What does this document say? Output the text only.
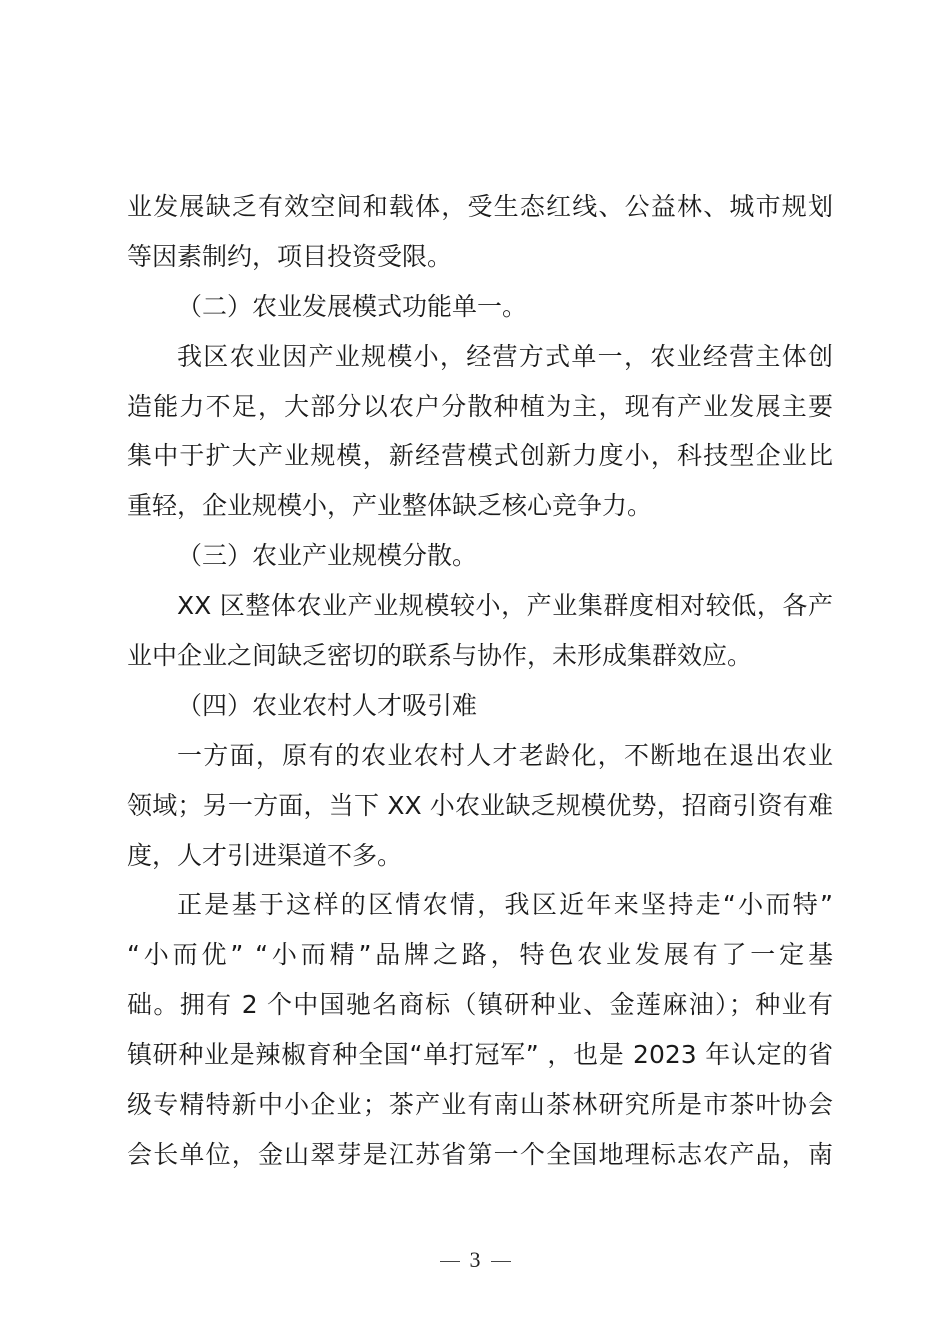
业发展缺乏有效空间和载体，受生态红线、公益林、城市规划
等因素制约，项目投资受限。
（二）农业发展模式功能单一。
我区农业因产业规模小，经营方式单一，农业经营主体创
造能力不足，大部分以农户分散种植为主，现有产业发展主要
集中于扩大产业规模，新经营模式创新力度小，科技型企业比
重轻，企业规模小，产业整体缺乏核心竞争力。
（三）农业产业规模分散。
XX 区整体农业产业规模较小，产业集群度相对较低，各产
业中企业之间缺乏密切的联系与协作，未形成集群效应。
（四）农业农村人才吸引难
一方面，原有的农业农村人才老龄化，不断地在退出农业
领域；另一方面，当下 XX 小农业缺乏规模优势，招商引资有难
度，人才引进渠道不多。
正是基于这样的区情农情，我区近年来坚持走“小而特”
“小而优” “小而精”品牌之路，特色农业发展有了一定基
础。拥有 2 个中国驰名商标（镇研种业、金莲麻油）；种业有
镇研种业是辣椒育种全国“单打冠军” ，也是 2023 年认定的省
级专精特新中小企业；茶产业有南山茶林研究所是市茶叶协会
会长单位，金山翠芽是江苏省第一个全国地理标志农产品，南
3
